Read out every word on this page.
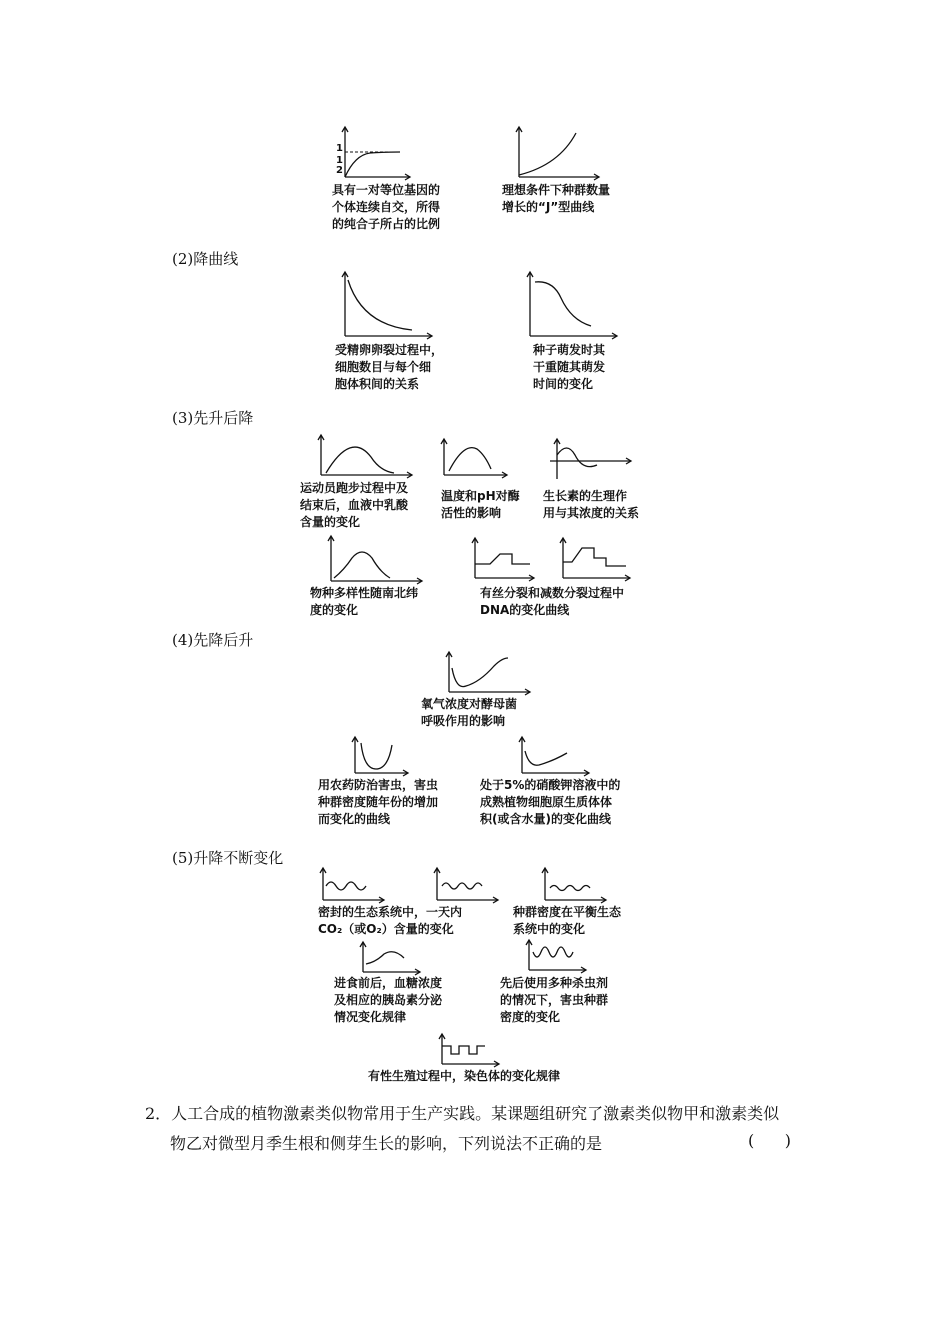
1
1
2
具有一对等位基因的
个体连续自交，所得
的纯合子所占的比例
理想条件下种群数量
增长的“J”型曲线
(2)降曲线
受精卵卵裂过程中，
细胞数目与每个细
胞体积间的关系
种子萌发时其
干重随其萌发
时间的变化
(3)先升后降
运动员跑步过程中及
结束后，血液中乳酸
含量的变化
温度和pH对酶
活性的影响
生长素的生理作
用与其浓度的关系
物种多样性随南北纬
度的变化
有丝分裂和减数分裂过程中
DNA的变化曲线
(4)先降后升
氧气浓度对酵母菌
呼吸作用的影响
用农药防治害虫，害虫
种群密度随年份的增加
而变化的曲线
处于5%的硝酸钾溶液中的
成熟植物细胞原生质体体
积(或含水量)的变化曲线
(5)升降不断变化
密封的生态系统中，一天内
CO₂（或O₂）含量的变化
种群密度在平衡生态
系统中的变化
进食前后，血糖浓度
及相应的胰岛素分泌
情况变化规律
先后使用多种杀虫剂
的情况下，害虫种群
密度的变化
有性生殖过程中，染色体的变化规律
2．人工合成的植物激素类似物常用于生产实践。某课题组研究了激素类似物甲和激素类似
物乙对微型月季生根和侧芽生长的影响，下列说法不正确的是	(      )
